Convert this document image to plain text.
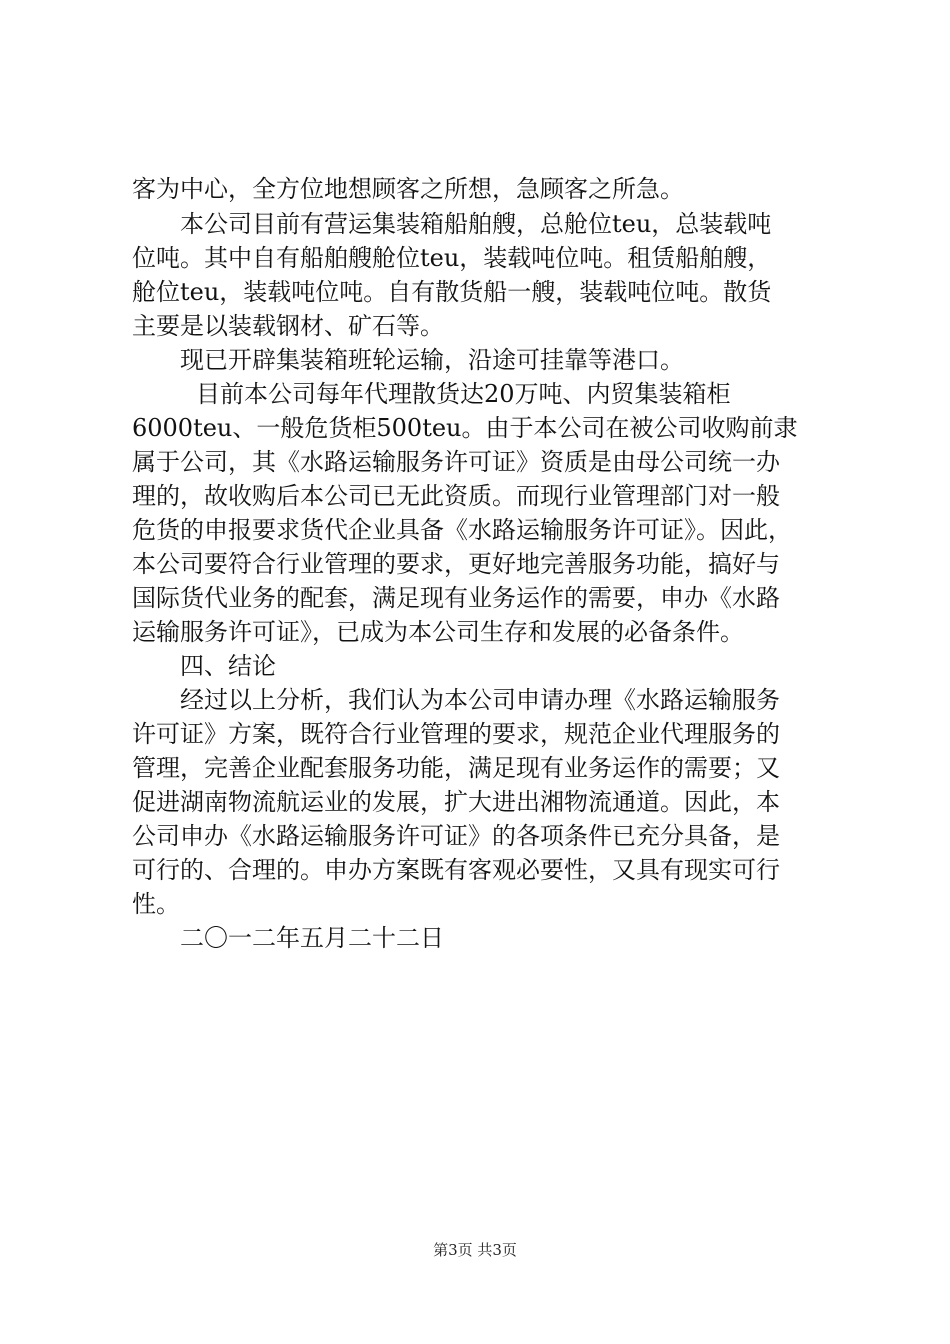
客为中心，全方位地想顾客之所想，急顾客之所急。
本公司目前有营运集装箱船舶艘，总舱位teu，总装载吨
位吨。其中自有船舶艘舱位teu，装载吨位吨。租赁船舶艘，
舱位teu，装载吨位吨。自有散货船一艘，装载吨位吨。散货
主要是以装载钢材、矿石等。
现已开辟集装箱班轮运输，沿途可挂靠等港口。
目前本公司每年代理散货达20万吨、内贸集装箱柜
6000teu、一般危货柜500teu。由于本公司在被公司收购前隶
属于公司，其《水路运输服务许可证》资质是由母公司统一办
理的，故收购后本公司已无此资质。而现行业管理部门对一般
危货的申报要求货代企业具备《水路运输服务许可证》。因此，
本公司要符合行业管理的要求，更好地完善服务功能，搞好与
国际货代业务的配套，满足现有业务运作的需要，申办《水路
运输服务许可证》，已成为本公司生存和发展的必备条件。
四、结论
经过以上分析，我们认为本公司申请办理《水路运输服务
许可证》方案，既符合行业管理的要求，规范企业代理服务的
管理，完善企业配套服务功能，满足现有业务运作的需要；又
促进湖南物流航运业的发展，扩大进出湘物流通道。因此，本
公司申办《水路运输服务许可证》的各项条件已充分具备，是
可行的、合理的。申办方案既有客观必要性，又具有现实可行
性。
二〇一二年五月二十二日
第3页 共3页
